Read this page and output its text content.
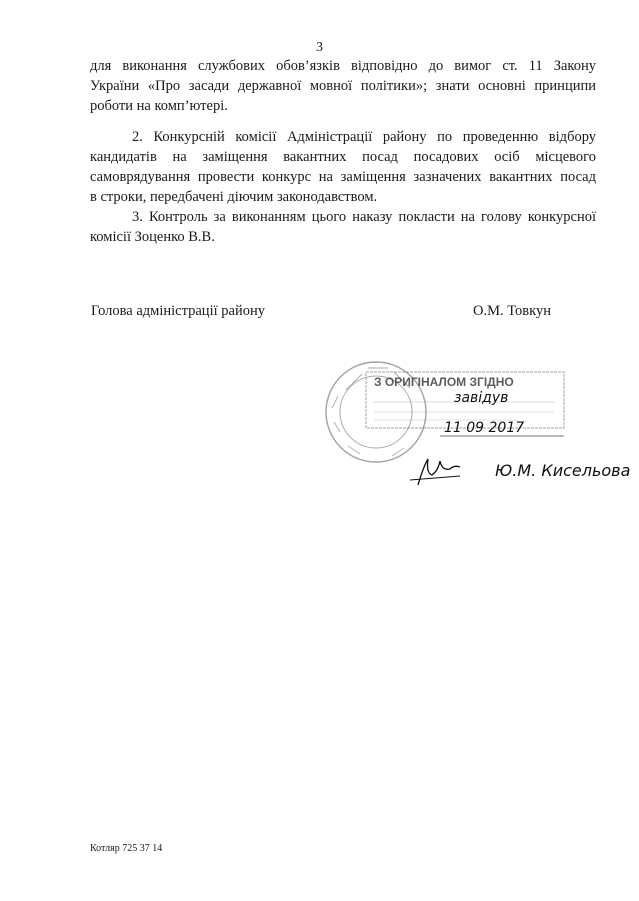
3
для виконання службових обов’язків відповідно до вимог ст. 11 Закону
України «Про засади державної мовної політики»; знати основні принципи
роботи на комп’ютері.
2. Конкурсній комісії Адміністрації району по проведенню відбору
кандидатів на заміщення вакантних посад посадових осіб місцевого
самоврядування провести конкурс на заміщення зазначених вакантних посад
в строки, передбачені діючим законодавством.
3. Контроль за виконанням цього наказу покласти на голову конкурсної
комісії Зоценко В.В.
Голова адміністрації району	О.М. Товкун
З ОРИГІНАЛОМ ЗГІДНО
завідув
11 09 2017
Ю.М. Кисельова
Котляр 725 37 14
